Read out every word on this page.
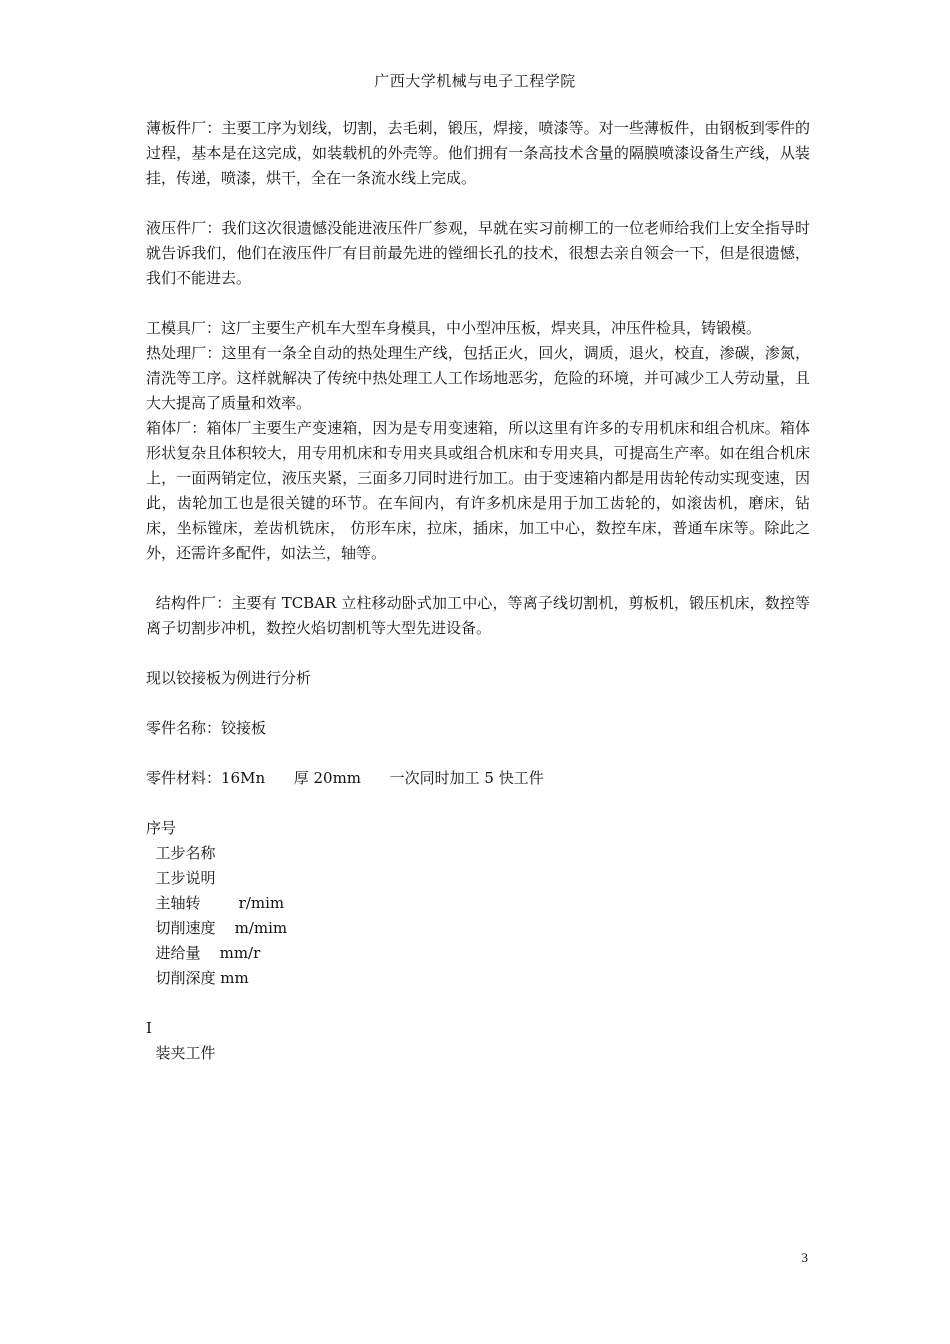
广西大学机械与电子工程学院

薄板件厂：主要工序为划线，切割，去毛刺，锻压，焊接，喷漆等。对一些薄板件，由钢板到零件的过程，基本是在这完成，如装载机的外壳等。他们拥有一条高技术含量的隔膜喷漆设备生产线，从装挂，传递，喷漆，烘干，全在一条流水线上完成。

液压件厂：我们这次很遗憾没能进液压件厂参观，早就在实习前柳工的一位老师给我们上安全指导时就告诉我们，他们在液压件厂有目前最先进的镗细长孔的技术，很想去亲自领会一下，但是很遗憾，我们不能进去。

工模具厂：这厂主要生产机车大型车身模具，中小型冲压板，焊夹具，冲压件检具，铸锻模。

热处理厂：这里有一条全自动的热处理生产线，包括正火，回火，调质，退火，校直，渗碳，渗氮，清洗等工序。这样就解决了传统中热处理工人工作场地恶劣，危险的环境，并可减少工人劳动量，且大大提高了质量和效率。

箱体厂：箱体厂主要生产变速箱，因为是专用变速箱，所以这里有许多的专用机床和组合机床。箱体形状复杂且体积较大，用专用机床和专用夹具或组合机床和专用夹具，可提高生产率。如在组合机床上，一面两销定位，液压夹紧，三面多刀同时进行加工。由于变速箱内都是用齿轮传动实现变速，因此，齿轮加工也是很关键的环节。在车间内，有许多机床是用于加工齿轮的，如滚齿机，磨床，钻床，坐标镗床，差齿机铣床， 仿形车床，拉床，插床，加工中心，数控车床，普通车床等。除此之外，还需许多配件，如法兰，轴等。

结构件厂：主要有 TCBAR 立柱移动卧式加工中心，等离子线切割机，剪板机，锻压机床，数控等离子切割步冲机，数控火焰切割机等大型先进设备。

现以铰接板为例进行分析

零件名称：铰接板

零件材料：16Mn      厚 20mm      一次同时加工 5 快工件

序号

工步名称

工步说明

主轴转        r/mim

切削速度    m/mim

进给量    mm/r

切削深度 mm

I

装夹工件

3
